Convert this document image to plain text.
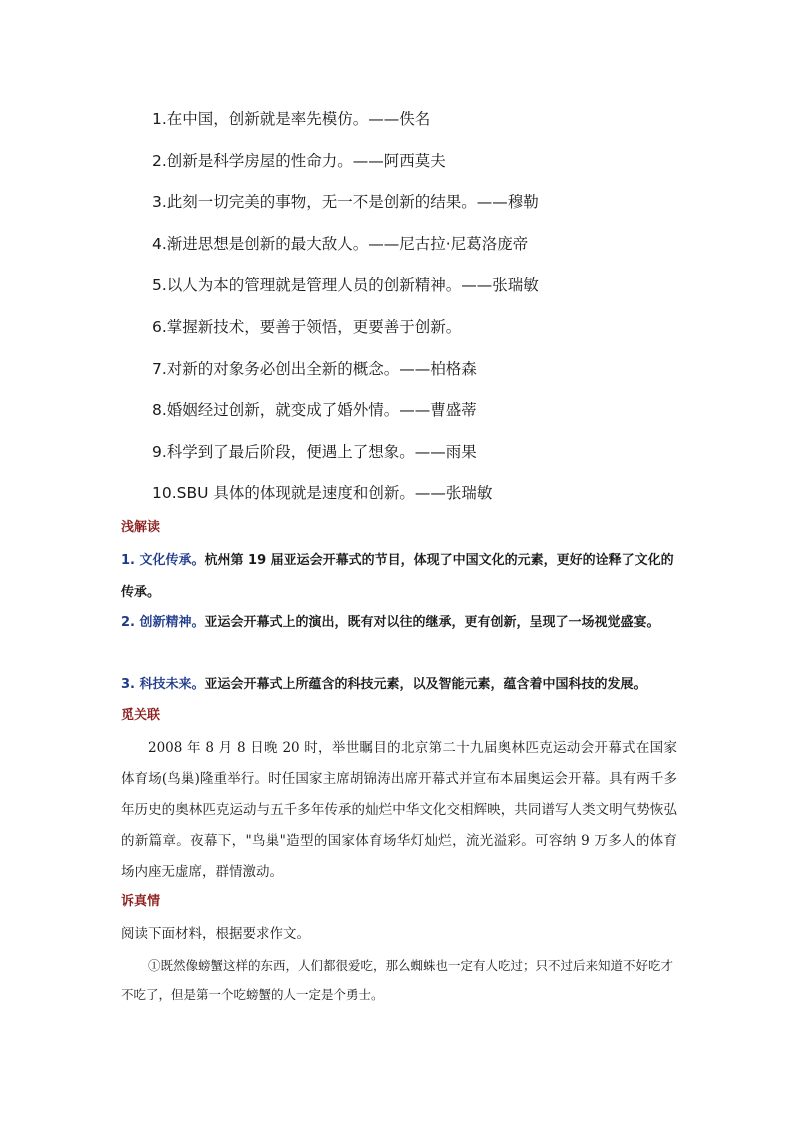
1.在中国，创新就是率先模仿。——佚名
2.创新是科学房屋的性命力。——阿西莫夫
3.此刻一切完美的事物，无一不是创新的结果。——穆勒
4.渐进思想是创新的最大敌人。——尼古拉·尼葛洛庞帝
5.以人为本的管理就是管理人员的创新精神。——张瑞敏
6.掌握新技术，要善于领悟，更要善于创新。
7.对新的对象务必创出全新的概念。——柏格森
8.婚姻经过创新，就变成了婚外情。——曹盛蒂
9.科学到了最后阶段，便遇上了想象。——雨果
10.SBU 具体的体现就是速度和创新。——张瑞敏
浅解读
1. 文化传承。杭州第 19 届亚运会开幕式的节目，体现了中国文化的元素，更好的诠释了文化的传承。
2. 创新精神。亚运会开幕式上的演出，既有对以往的继承，更有创新，呈现了一场视觉盛宴。
3. 科技未来。亚运会开幕式上所蕴含的科技元素，以及智能元素，蕴含着中国科技的发展。
觅关联
2008 年 8 月 8 日晚 20 时，举世瞩目的北京第二十九届奥林匹克运动会开幕式在国家体育场(鸟巢)隆重举行。时任国家主席胡锦涛出席开幕式并宣布本届奥运会开幕。具有两千多年历史的奥林匹克运动与五千多年传承的灿烂中华文化交相辉映，共同谱写人类文明气势恢弘的新篇章。夜幕下，"鸟巢"造型的国家体育场华灯灿烂，流光溢彩。可容纳 9 万多人的体育场内座无虚席，群情激动。
诉真情
阅读下面材料，根据要求作文。
①既然像螃蟹这样的东西，人们都很爱吃，那么蜘蛛也一定有人吃过；只不过后来知道不好吃才不吃了，但是第一个吃螃蟹的人一定是个勇士。
